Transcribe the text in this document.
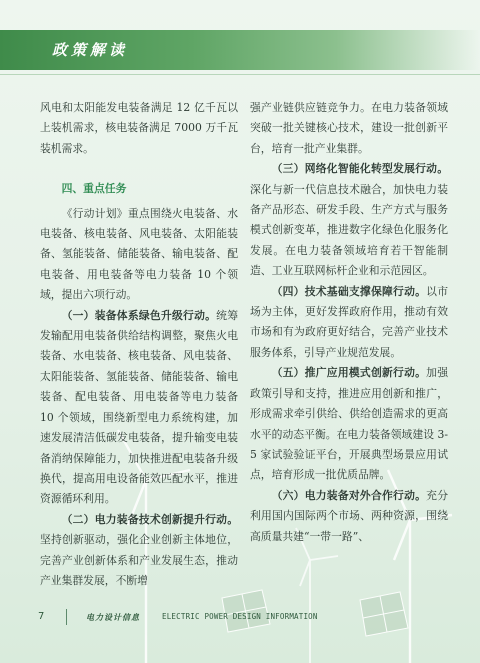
政策解读

风电和太阳能发电装备满足 12 亿千瓦以上装机需求，核电装备满足 7000 万千瓦装机需求。

四、重点任务

《行动计划》重点围绕火电装备、水电装备、核电装备、风电装备、太阳能装备、氢能装备、储能装备、输电装备、配电装备、用电装备等电力装备 10 个领域，提出六项行动。

（一）装备体系绿色升级行动。统筹发输配用电装备供给结构调整，聚焦火电装备、水电装备、核电装备、风电装备、太阳能装备、氢能装备、储能装备、输电装备、配电装备、用电装备等电力装备 10 个领域，围绕新型电力系统构建，加速发展清洁低碳发电装备，提升输变电装备消纳保障能力，加快推进配电装备升级换代，提高用电设备能效匹配水平，推进资源循环利用。

（二）电力装备技术创新提升行动。坚持创新驱动，强化企业创新主体地位，完善产业创新体系和产业发展生态，推动产业集群发展，不断增

强产业链供应链竞争力。在电力装备领域突破一批关键核心技术，建设一批创新平台，培育一批产业集群。

（三）网络化智能化转型发展行动。深化与新一代信息技术融合，加快电力装备产品形态、研发手段、生产方式与服务模式创新变革，推进数字化绿色化服务化发展。在电力装备领域培育若干智能制造、工业互联网标杆企业和示范园区。

（四）技术基础支撑保障行动。以市场为主体，更好发挥政府作用，推动有效市场和有为政府更好结合，完善产业技术服务体系，引导产业规范发展。

（五）推广应用模式创新行动。加强政策引导和支持，推进应用创新和推广，形成需求牵引供给、供给创造需求的更高水平的动态平衡。在电力装备领域建设 3-5 家试验验证平台，开展典型场景应用试点，培育形成一批优质品牌。

（六）电力装备对外合作行动。充分利用国内国际两个市场、两种资源，围绕高质量共建“一带一路”、

7	电力设计信息	ELECTRIC POWER DESIGN INFORMATION
